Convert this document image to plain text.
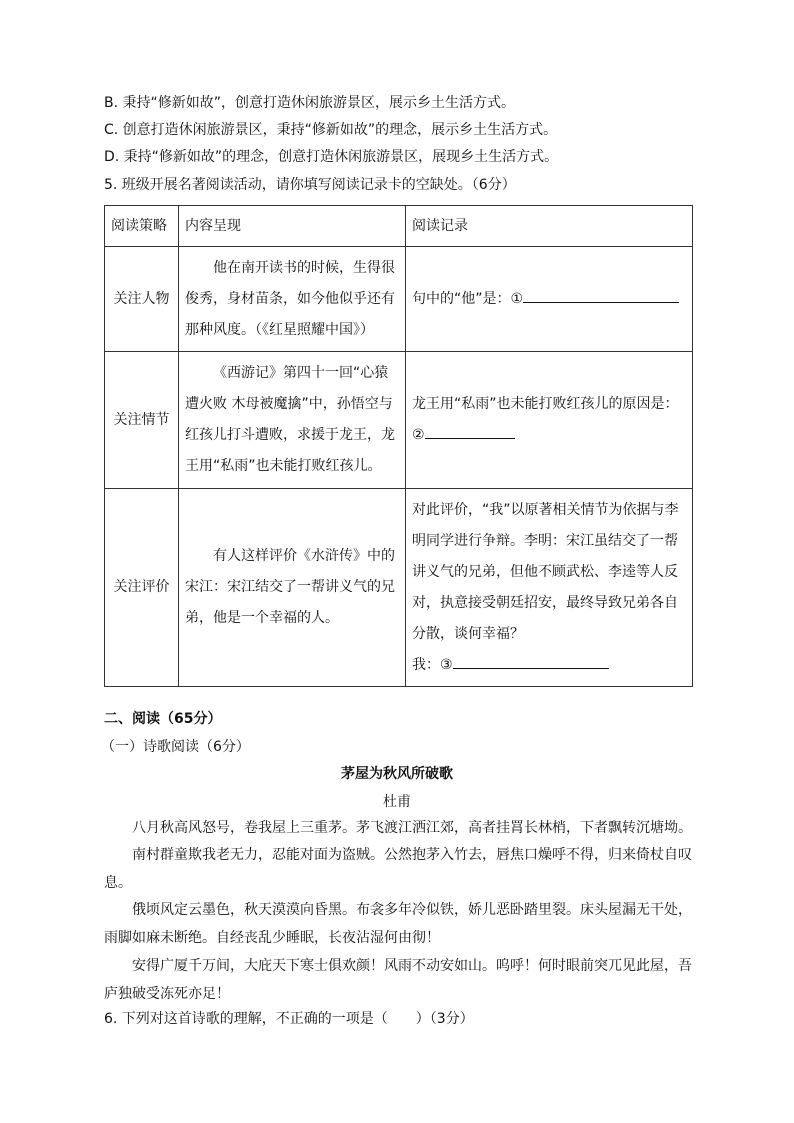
B. 秉持“修新如故”，创意打造休闲旅游景区，展示乡土生活方式。
C. 创意打造休闲旅游景区，秉持“修新如故”的理念，展示乡土生活方式。
D. 秉持“修新如故”的理念，创意打造休闲旅游景区，展现乡土生活方式。
5. 班级开展名著阅读活动，请你填写阅读记录卡的空缺处。（6分）
阅读策略	内容呈现	阅读记录
关注人物	他在南开读书的时候，生得很俊秀，身材苗条，如今他似乎还有那种风度。（《红星照耀中国》）	句中的“他”是：①
关注情节	《西游记》第四十一回“心猿遭火败 木母被魔擒”中，孙悟空与红孩儿打斗遭败，求援于龙王，龙王用“私雨”也未能打败红孩儿。	龙王用“私雨”也未能打败红孩儿的原因是：
②

关注评价	有人这样评价《水浒传》中的宋江：宋江结交了一帮讲义气的兄弟，他是一个幸福的人。	对此评价，“我”以原著相关情节为依据与李明同学进行争辩。李明：宋江虽结交了一帮讲义气的兄弟，但他不顾武松、李逵等人反对，执意接受朝廷招安，最终导致兄弟各自分散，谈何幸福？
我：③
二、阅读（65分）
（一）诗歌阅读（6分）
茅屋为秋风所破歌
杜甫
八月秋高风怒号，卷我屋上三重茅。茅飞渡江洒江郊，高者挂罥长林梢，下者飘转沉塘坳。
南村群童欺我老无力，忍能对面为盗贼。公然抱茅入竹去，唇焦口燥呼不得，归来倚杖自叹息。
俄顷风定云墨色，秋天漠漠向昏黑。布衾多年冷似铁，娇儿恶卧踏里裂。床头屋漏无干处，雨脚如麻未断绝。自经丧乱少睡眠，长夜沾湿何由彻！
安得广厦千万间，大庇天下寒士俱欢颜！风雨不动安如山。呜呼！何时眼前突兀见此屋，吾庐独破受冻死亦足！
6. 下列对这首诗歌的理解，不正确的一项是（　　）（3分）
